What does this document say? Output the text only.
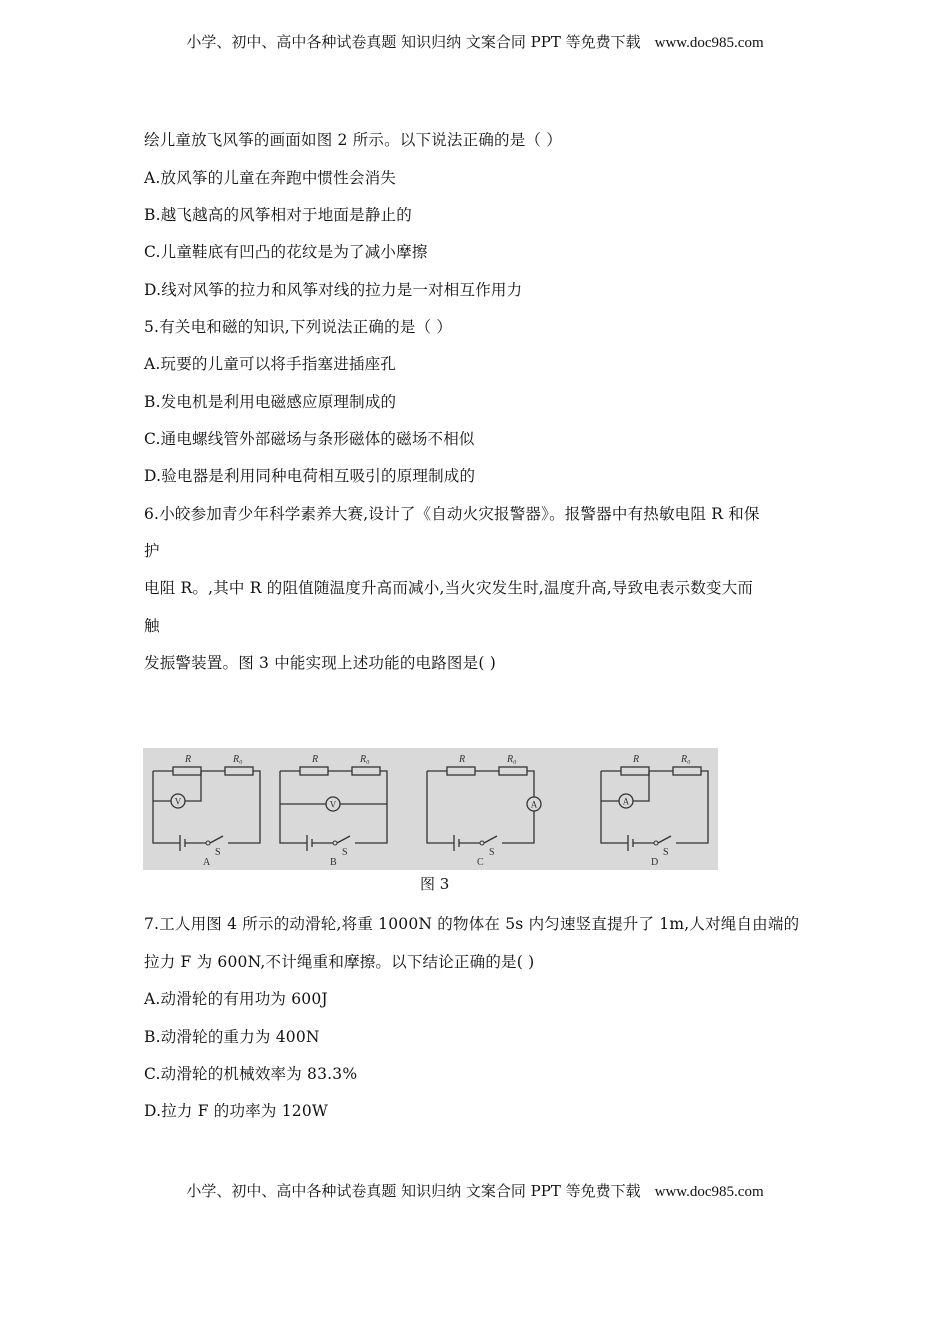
小学、初中、高中各种试卷真题 知识归纳 文案合同 PPT 等免费下载 www.doc985.com
绘儿童放飞风筝的画面如图 2 所示。以下说法正确的是（ ）
A.放风筝的儿童在奔跑中惯性会消失
B.越飞越高的风筝相对于地面是静止的
C.儿童鞋底有凹凸的花纹是为了减小摩擦
D.线对风筝的拉力和风筝对线的拉力是一对相互作用力
5.有关电和磁的知识,下列说法正确的是（ ）
A.玩要的儿童可以将手指塞进插座孔
B.发电机是利用电磁感应原理制成的
C.通电螺线管外部磁场与条形磁体的磁场不相似
D.验电器是利用同种电荷相互吸引的原理制成的
6.小皎参加青少年科学素养大赛,设计了《自动火灾报警器》。报警器中有热敏电阻 R 和保
护
电阻 R。,其中 R 的阻值随温度升高而减小,当火灾发生时,温度升高,导致电表示数变大而
触
发振警装置。图 3 中能实现上述功能的电路图是( )
R	R₀
S
A
V
R	R₀
S
B
V
R	R₀
S
C
A
R	R₀
S
D
A
图 3
7.工人用图 4 所示的动滑轮,将重 1000N 的物体在 5s 内匀速竖直提升了 1m,人对绳自由端的
拉力 F 为 600N,不计绳重和摩擦。以下结论正确的是( )
A.动滑轮的有用功为 600J
B.动滑轮的重力为 400N
C.动滑轮的机械效率为 83.3%
D.拉力 F 的功率为 120W
小学、初中、高中各种试卷真题 知识归纳 文案合同 PPT 等免费下载 www.doc985.com
